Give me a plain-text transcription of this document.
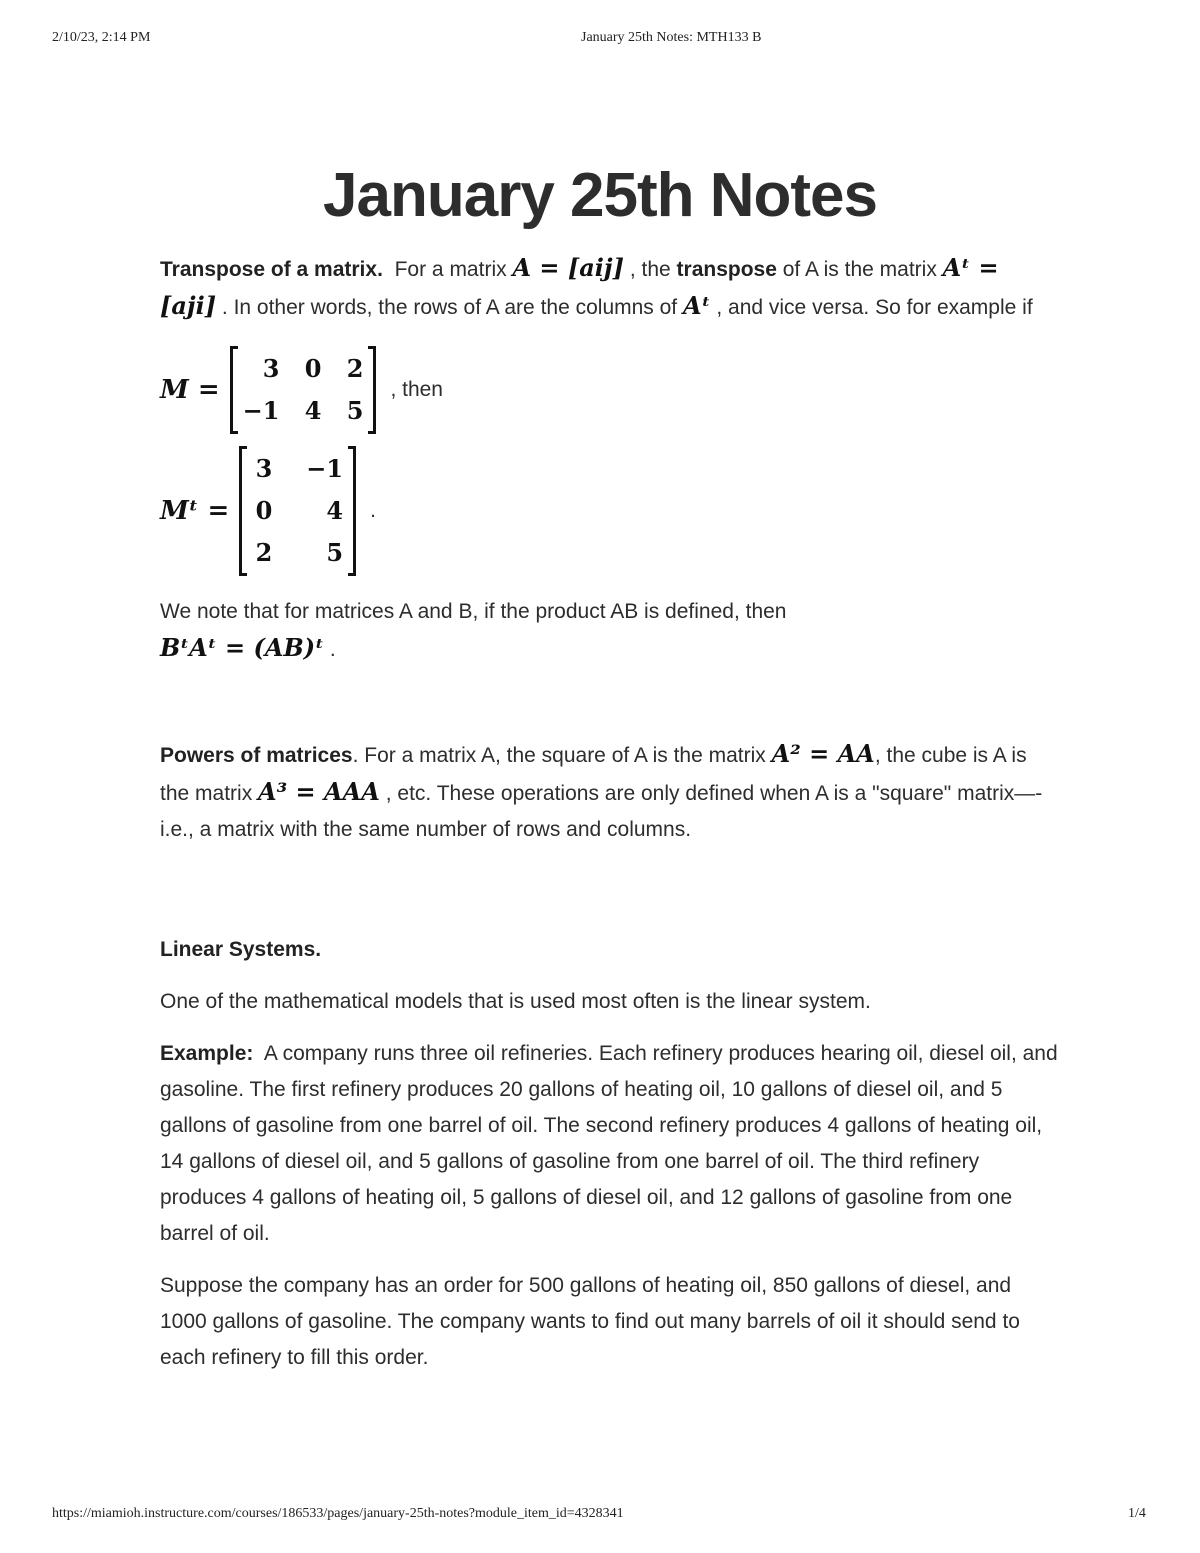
2/10/23, 2:14 PM	January 25th Notes: MTH133 B
January 25th Notes

Transpose of a matrix. For a matrix A = [aij] , the transpose of A is the matrix Aᵗ = [aji] . In other words, the rows of A are the columns of Aᵗ , and vice versa. So for example if

M =
3 0 2
−1 4 5
, then
Mᵗ =
3 −1
0	4
2	5
.

We note that for matrices A and B, if the product AB is defined, then
BᵗAᵗ = (AB)ᵗ .

Powers of matrices. For a matrix A, the square of A is the matrix A² = AA, the cube is A is the matrix A³ = AAA , etc. These operations are only defined when A is a "square" matrix—-i.e., a matrix with the same number of rows and columns.

Linear Systems.

One of the mathematical models that is used most often is the linear system.

Example: A company runs three oil refineries. Each refinery produces hearing oil, diesel oil, and gasoline. The first refinery produces 20 gallons of heating oil, 10 gallons of diesel oil, and 5 gallons of gasoline from one barrel of oil. The second refinery produces 4 gallons of heating oil, 14 gallons of diesel oil, and 5 gallons of gasoline from one barrel of oil. The third refinery produces 4 gallons of heating oil, 5 gallons of diesel oil, and 12 gallons of gasoline from one barrel of oil.

Suppose the company has an order for 500 gallons of heating oil, 850 gallons of diesel, and 1000 gallons of gasoline. The company wants to find out many barrels of oil it should send to each refinery to fill this order.

https://miamioh.instructure.com/courses/186533/pages/january-25th-notes?module_item_id=4328341	1/4
